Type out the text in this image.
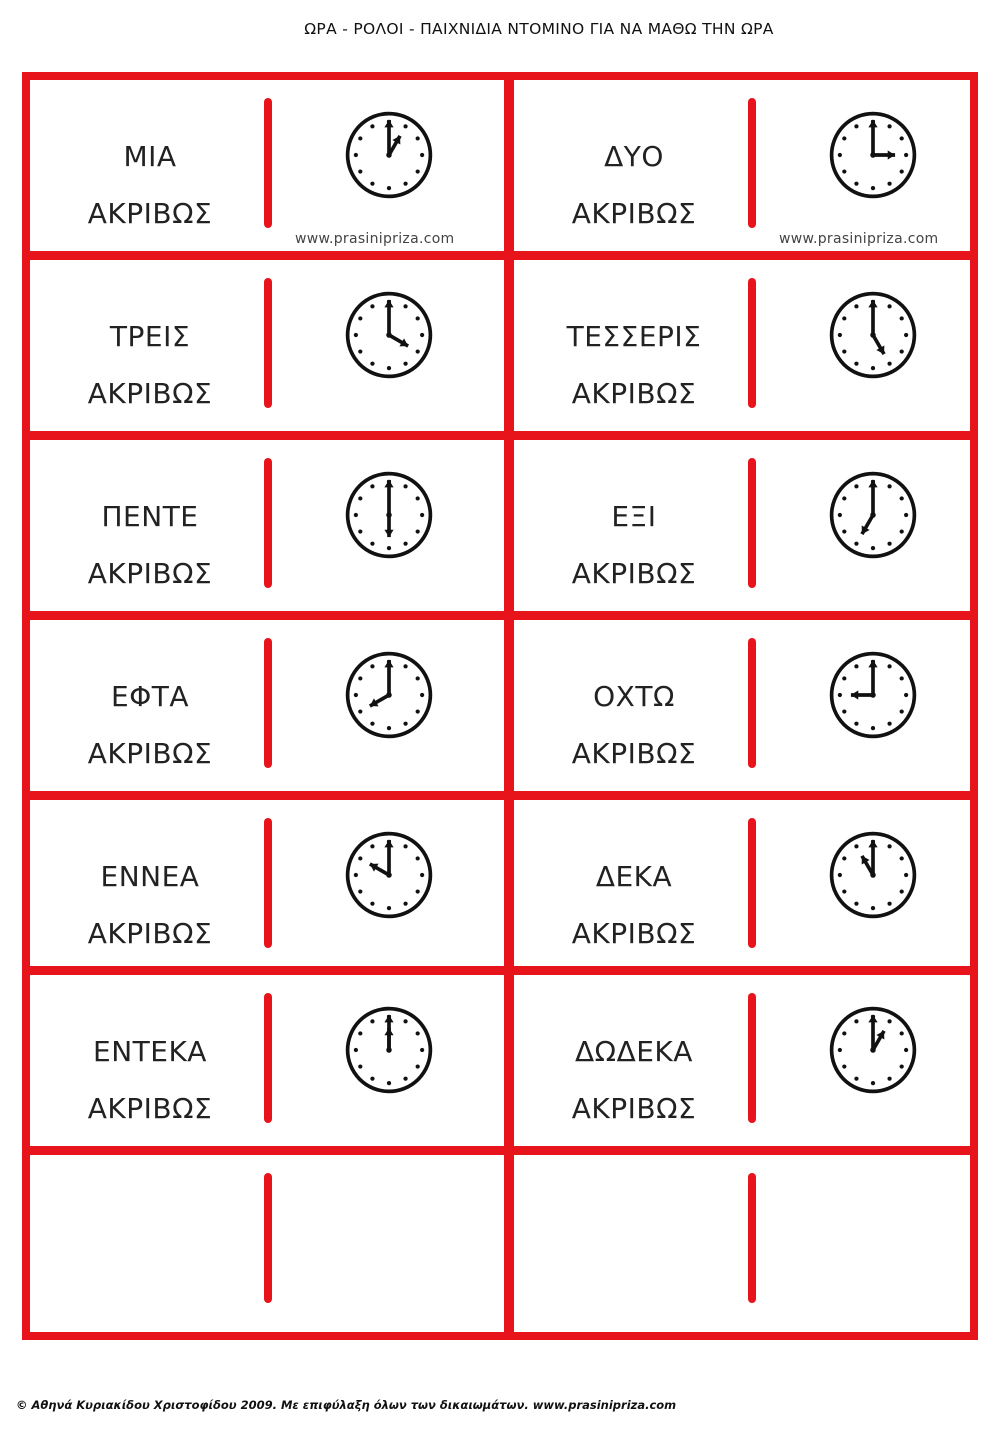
ΩΡΑ - ΡΟΛΟΙ - ΠΑΙΧΝΙΔΙΑ ΝΤΟΜΙΝΟ ΓΙΑ ΝΑ ΜΑΘΩ ΤΗΝ ΩΡΑ
ΜΙΑ
ΑΚΡΙΒΩΣ
www.prasinipriza.com
ΔΥΟ
ΑΚΡΙΒΩΣ
www.prasinipriza.com
ΤΡΕΙΣ
ΑΚΡΙΒΩΣ
ΤΕΣΣΕΡΙΣ
ΑΚΡΙΒΩΣ
ΠΕΝΤΕ
ΑΚΡΙΒΩΣ
ΕΞΙ
ΑΚΡΙΒΩΣ
ΕΦΤΑ
ΑΚΡΙΒΩΣ
ΟΧΤΩ
ΑΚΡΙΒΩΣ
ΕΝΝΕΑ
ΑΚΡΙΒΩΣ
ΔΕΚΑ
ΑΚΡΙΒΩΣ
ΕΝΤΕΚΑ
ΑΚΡΙΒΩΣ
ΔΩΔΕΚΑ
ΑΚΡΙΒΩΣ
© Αθηνά Κυριακίδου Χριστοφίδου 2009. Με επιφύλαξη όλων των δικαιωμάτων. www.prasinipriza.com
